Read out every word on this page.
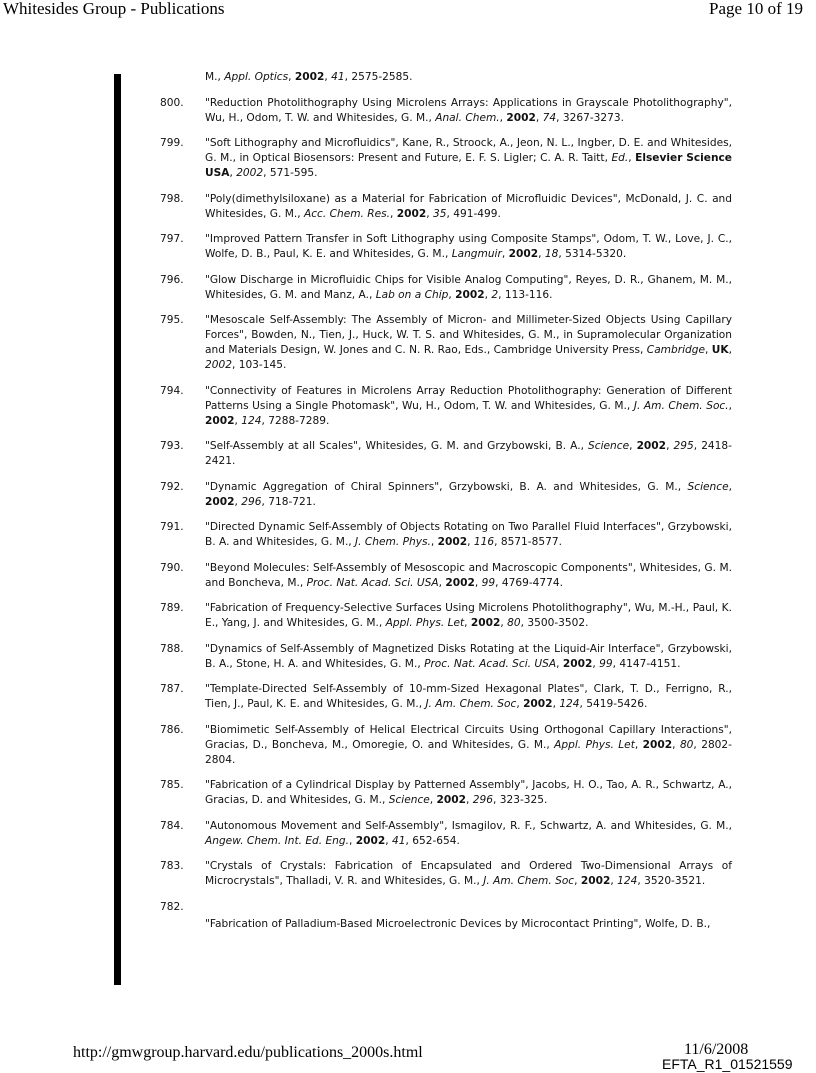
Whitesides Group - Publications	Page 10 of 19
M., Appl. Optics, 2002, 41, 2575-2585.
800.	"Reduction Photolithography Using Microlens Arrays: Applications in Grayscale Photolithography", Wu, H., Odom, T. W. and Whitesides, G. M., Anal. Chem., 2002, 74, 3267-3273.
799.	"Soft Lithography and Microfluidics", Kane, R., Stroock, A., Jeon, N. L., Ingber, D. E. and Whitesides, G. M., in Optical Biosensors: Present and Future, E. F. S. Ligler; C. A. R. Taitt, Ed., Elsevier Science USA, 2002, 571-595.
798.	"Poly(dimethylsiloxane) as a Material for Fabrication of Microfluidic Devices", McDonald, J. C. and Whitesides, G. M., Acc. Chem. Res., 2002, 35, 491-499.
797.	"Improved Pattern Transfer in Soft Lithography using Composite Stamps", Odom, T. W., Love, J. C., Wolfe, D. B., Paul, K. E. and Whitesides, G. M., Langmuir, 2002, 18, 5314-5320.
796.	"Glow Discharge in Microfluidic Chips for Visible Analog Computing", Reyes, D. R., Ghanem, M. M., Whitesides, G. M. and Manz, A., Lab on a Chip, 2002, 2, 113-116.
795.	"Mesoscale Self-Assembly: The Assembly of Micron- and Millimeter-Sized Objects Using Capillary Forces", Bowden, N., Tien, J., Huck, W. T. S. and Whitesides, G. M., in Supramolecular Organization and Materials Design, W. Jones and C. N. R. Rao, Eds., Cambridge University Press, Cambridge, UK, 2002, 103-145.
794.	"Connectivity of Features in Microlens Array Reduction Photolithography: Generation of Different Patterns Using a Single Photomask", Wu, H., Odom, T. W. and Whitesides, G. M., J. Am. Chem. Soc., 2002, 124, 7288-7289.
793.	"Self-Assembly at all Scales", Whitesides, G. M. and Grzybowski, B. A., Science, 2002, 295, 2418-2421.
792.	"Dynamic Aggregation of Chiral Spinners", Grzybowski, B. A. and Whitesides, G. M., Science, 2002, 296, 718-721.
791.	"Directed Dynamic Self-Assembly of Objects Rotating on Two Parallel Fluid Interfaces", Grzybowski, B. A. and Whitesides, G. M., J. Chem. Phys., 2002, 116, 8571-8577.
790.	"Beyond Molecules: Self-Assembly of Mesoscopic and Macroscopic Components", Whitesides, G. M. and Boncheva, M., Proc. Nat. Acad. Sci. USA, 2002, 99, 4769-4774.
789.	"Fabrication of Frequency-Selective Surfaces Using Microlens Photolithography", Wu, M.-H., Paul, K. E., Yang, J. and Whitesides, G. M., Appl. Phys. Let, 2002, 80, 3500-3502.
788.	"Dynamics of Self-Assembly of Magnetized Disks Rotating at the Liquid-Air Interface", Grzybowski, B. A., Stone, H. A. and Whitesides, G. M., Proc. Nat. Acad. Sci. USA, 2002, 99, 4147-4151.
787.	"Template-Directed Self-Assembly of 10-mm-Sized Hexagonal Plates", Clark, T. D., Ferrigno, R., Tien, J., Paul, K. E. and Whitesides, G. M., J. Am. Chem. Soc, 2002, 124, 5419-5426.
786.	"Biomimetic Self-Assembly of Helical Electrical Circuits Using Orthogonal Capillary Interactions", Gracias, D., Boncheva, M., Omoregie, O. and Whitesides, G. M., Appl. Phys. Let, 2002, 80, 2802-2804.
785.	"Fabrication of a Cylindrical Display by Patterned Assembly", Jacobs, H. O., Tao, A. R., Schwartz, A., Gracias, D. and Whitesides, G. M., Science, 2002, 296, 323-325.
784.	"Autonomous Movement and Self-Assembly", Ismagilov, R. F., Schwartz, A. and Whitesides, G. M., Angew. Chem. Int. Ed. Eng., 2002, 41, 652-654.
783.	"Crystals of Crystals: Fabrication of Encapsulated and Ordered Two-Dimensional Arrays of Microcrystals", Thalladi, V. R. and Whitesides, G. M., J. Am. Chem. Soc, 2002, 124, 3520-3521.
782.
"Fabrication of Palladium-Based Microelectronic Devices by Microcontact Printing", Wolfe, D. B.,
http://gmwgroup.harvard.edu/publications_2000s.html	11/6/2008
EFTA_R1_01521559
